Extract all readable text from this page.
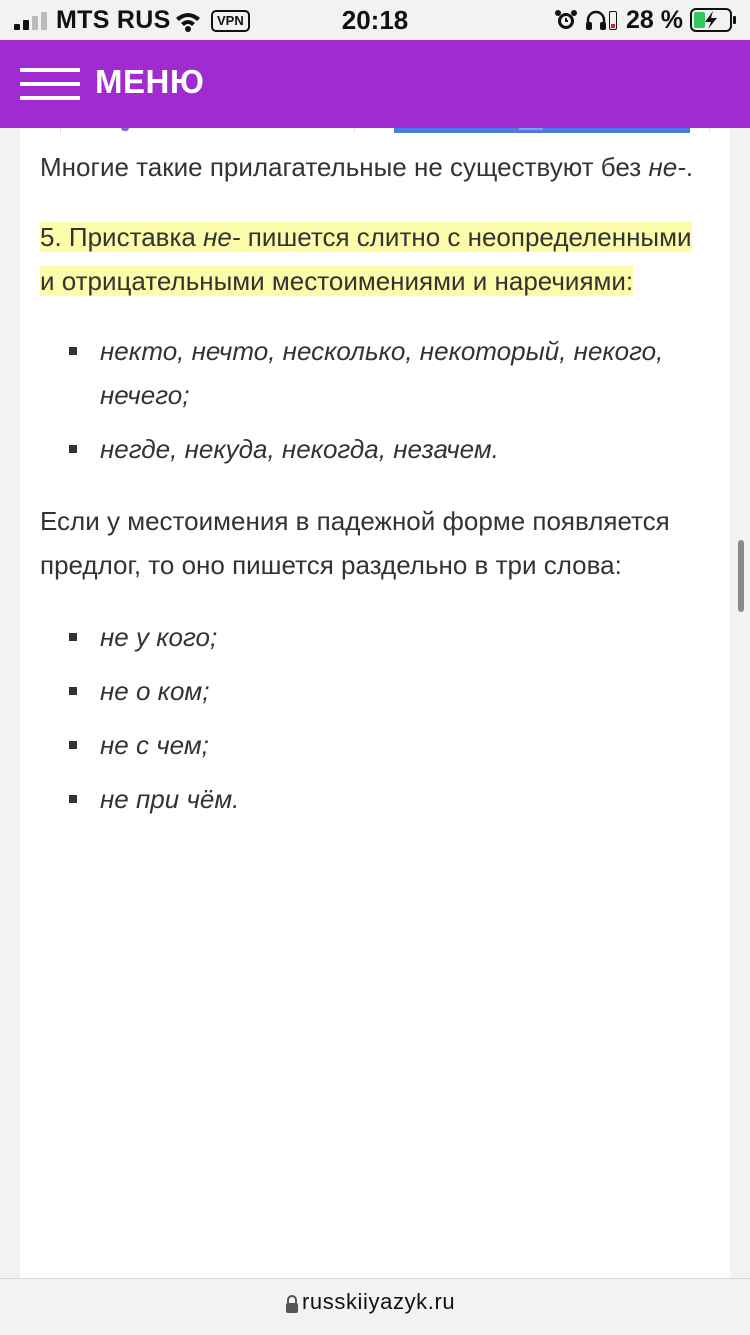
MTS RUS	VPN	20:18	28 %
МЕНЮ

Многие такие прилагательные не существуют без не-.

5. Приставка не- пишется слитно с неопределенными и отрицательными местоимениями и наречиями:

некто, нечто, несколько, некоторый, некого, нечего;
негде, некуда, некогда, незачем.

Если у местоимения в падежной форме появляется предлог, то оно пишется раздельно в три слова:

не у кого;
не о ком;
не с чем;
не при чём.
russkiiyazyk.ru
